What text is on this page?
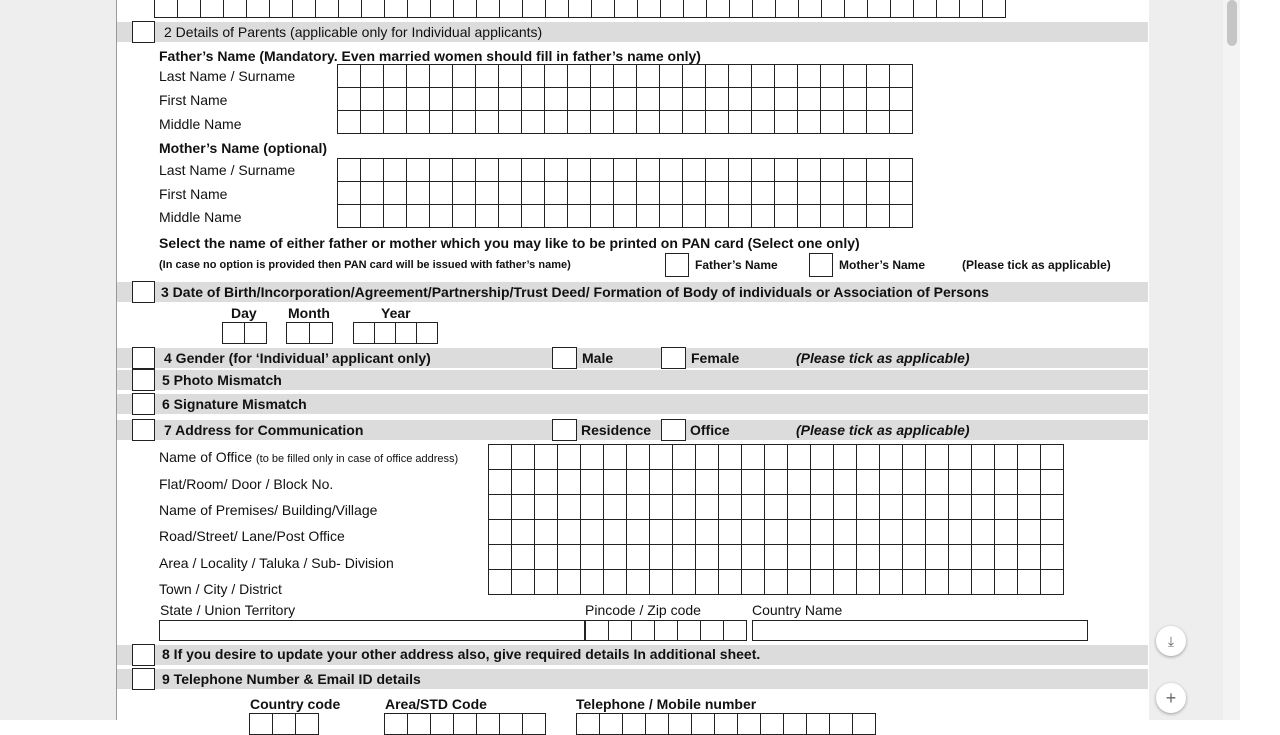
2 Details of Parents (applicable only for Individual applicants)
Father’s Name (Mandatory. Even married women should fill in father’s name only)
Last Name / Surname
First Name
Middle Name

Mother’s Name (optional)
Last Name / Surname
First Name
Middle Name

Select the name of either father or mother which you may like to be printed on PAN card (Select one only)
(In case no option is provided then PAN card will be issued with father’s name)	Father’s Name	Mother’s Name	(Please tick as applicable)
3 Date of Birth/Incorporation/Agreement/Partnership/Trust Deed/ Formation of Body of individuals or Association of Persons
Day Month	Year

4 Gender (for ‘Individual’ applicant only)	Male	Female	(Please tick as applicable)
5 Photo Mismatch
6 Signature Mismatch
7 Address for Communication	Residence	Office	(Please tick as applicable)
Name of Office (to be filled only in case of office address)
Flat/Room/ Door / Block No.
Name of Premises/ Building/Village
Road/Street/ Lane/Post Office
Area / Locality / Taluka / Sub- Division
Town / City / District

State / Union Territory	Pincode / Zip code	Country Name

8 If you desire to update your other address also, give required details In additional sheet.
9 Telephone Number & Email ID details
Country code	Area/STD Code	Telephone / Mobile number

⤓
+
